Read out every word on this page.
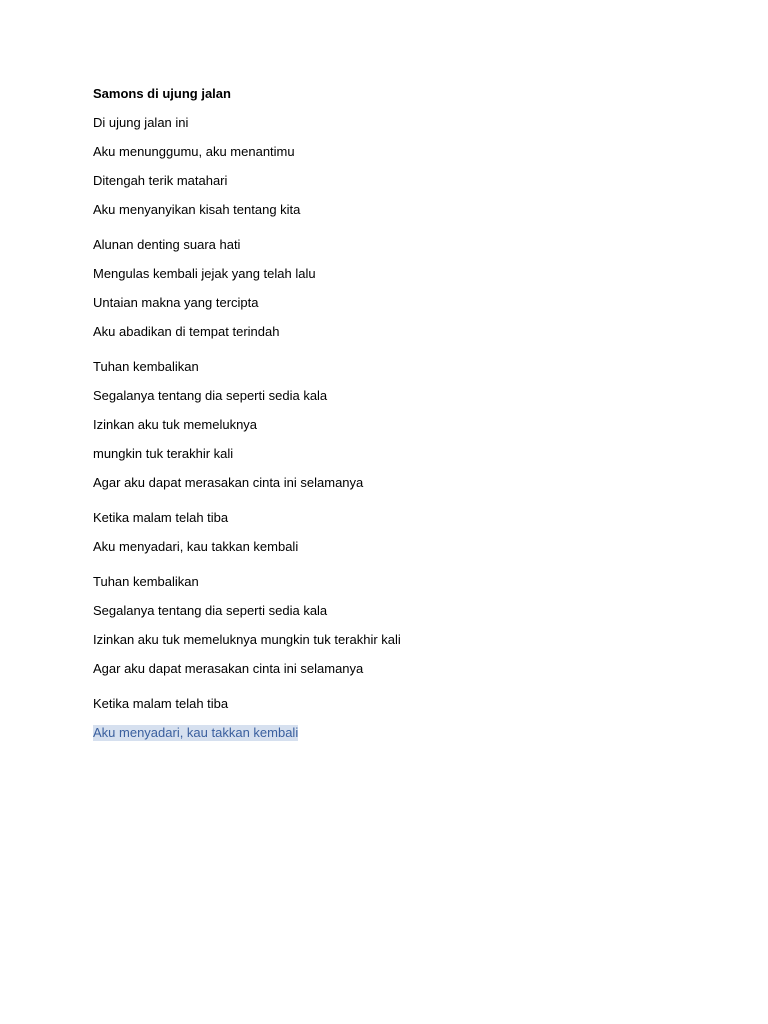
Samons di ujung jalan
Di ujung jalan ini
Aku menunggumu, aku menantimu
Ditengah terik matahari
Aku menyanyikan kisah tentang kita
Alunan denting suara hati
Mengulas kembali jejak yang telah lalu
Untaian makna yang tercipta
Aku abadikan di tempat terindah
Tuhan kembalikan
Segalanya tentang dia seperti sedia kala
Izinkan aku tuk memeluknya
mungkin tuk terakhir kali
Agar aku dapat merasakan cinta ini selamanya
Ketika malam telah tiba
Aku menyadari, kau takkan kembali
Tuhan kembalikan
Segalanya tentang dia seperti sedia kala
Izinkan aku tuk memeluknya mungkin tuk terakhir kali
Agar aku dapat merasakan cinta ini selamanya
Ketika malam telah tiba
Aku menyadari, kau takkan kembali
